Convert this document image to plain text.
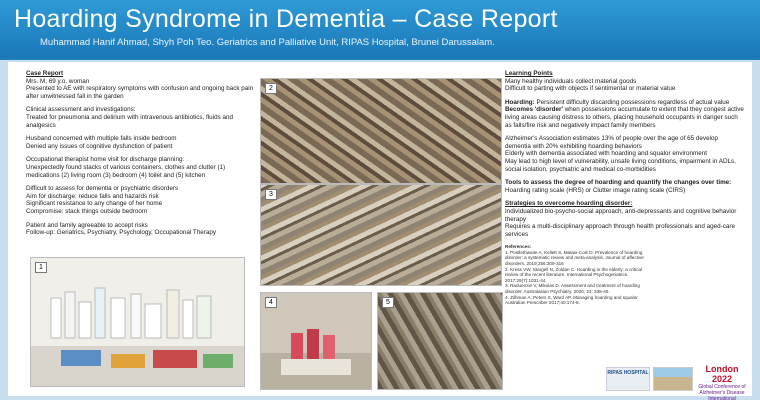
Hoarding Syndrome in Dementia – Case Report
Muhammad Hanif Ahmad, Shyh Poh Teo. Geriatrics and Palliative Unit, RIPAS Hospital, Brunei Darussalam.
Case Report
Mrs. M, 69 y.o. woman
Presented to AE with respiratory symptoms with confusion and ongoing back pain after unwitnessed fall in the garden
Clinical assessment and investigations:
Treated for pneumonia and delirium with intravenous antibiotics, fluids and analgesics
Husband concerned with multiple falls inside bedroom
Denied any issues of cognitive dysfunction of patient
Occupational therapist home visit for discharge planning:
Unexpectedly found stacks of various containers, clothes and clutter (1) medications (2) living room (3) bedroom (4) toilet and (5) kitchen
Difficult to assess for dementia or psychiatric disorders
Aim for discharge: reduce falls and hazards risk
Significant resistance to any change of her home
Compromise: stack things outside bedroom
Patient and family agreeable to accept risks
Follow-up: Geriatrics, Psychiatry, Psychology, Occupational Therapy
1
2
3
4	5
Learning Points
Many healthy individuals collect material goods
Difficult to parting with objects if sentimental or material value
Hoarding: Persistent difficulty discarding possessions regardless of actual value
Becomes 'disorder' when possessions accumulate to extent that they congest active living areas causing distress to others, placing household occupants in danger such as falls/fire risk and negatively impact family members
Alzheimer's Association estimates 13% of people over the age of 65 develop dementia with 20% exhibiting hoarding behaviors
Elderly with dementia associated with hoarding and squalor environment
May lead to high level of vulnerability, unsafe living conditions, impairment in ADLs, social isolation, psychiatric and medical co-morbidities
Tools to assess the degree of hoarding and quantify the changes over time:
Hoarding rating scale (HRS) or Clutter image rating scale (CIRS)
Strategies to overcome hoarding disorder:
Individualized bio-psycho-social approach, anti-depressants and cognitive behavior therapy
Requires a multi-disciplinary approach through health professionals and aged-care services
References:
1. Postlethwaite A, Kellett S, Mataix-Cols D. Prevalence of hoarding disorder: a systematic review and meta-analysis. Journal of affective disorders. 2019;256:309-316
2. Kress VW, Stargell N, Zoldan C. Hoarding in the elderly: a critical review of the recent literature. International Psychogeriatrics. 2017;29(7):1031-44.
3. Raduenzie V, Mikulas D. Assessment and treatment of hoarding disorder. Australasian Psychiatry. 2020; 23: 338-40.
4. Zilhman A, Peters S, Ward AP. Managing hoarding and squalor. Australian Prescriber 2017;40:174-8.
RIPAS HOSPITAL	London 2022
Global Conference of Alzheimer's Disease International
